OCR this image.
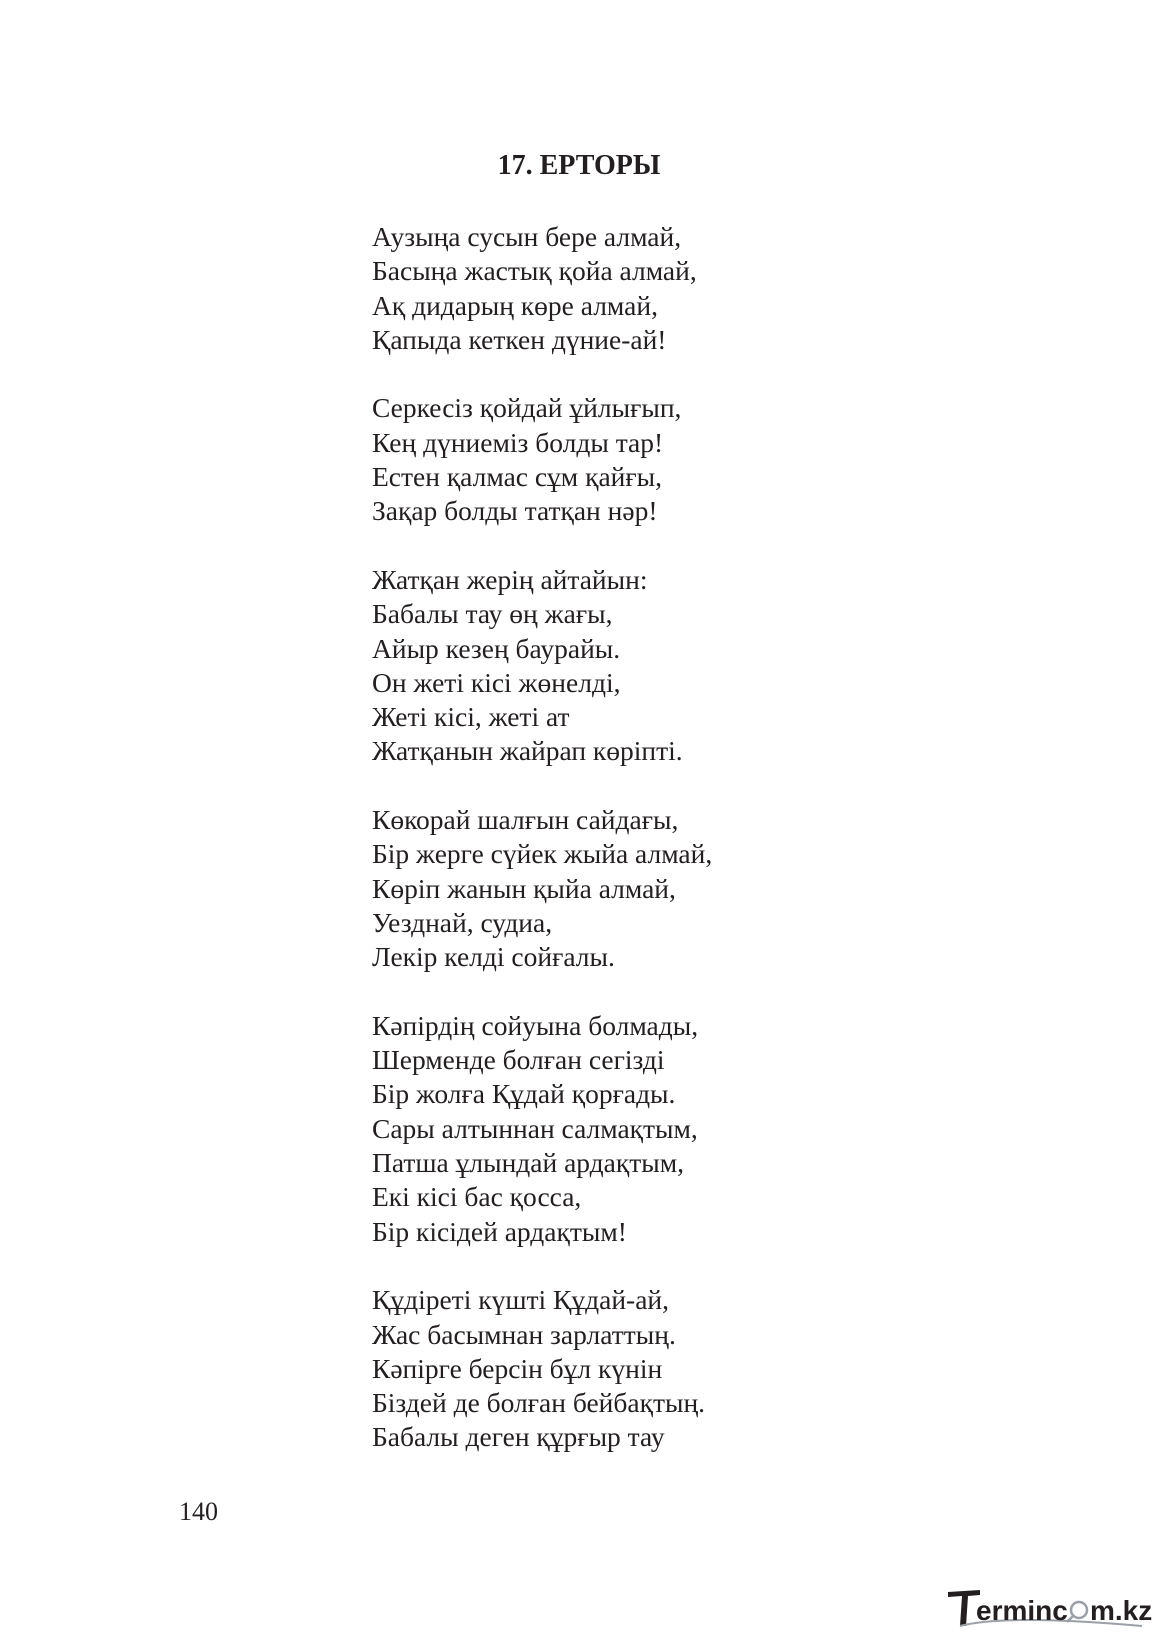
17. ЕРТОРЫ

Аузыңа сусын бере алмай,
Басыңа жастық қойа алмай,
Ақ дидарың көре алмай,
Қапыда кеткен дүние-ай!

Серкесіз қойдай ұйлығып,
Кең дүниеміз болды тар!
Естен қалмас сұм қайғы,
Зақар болды татқан нәр!

Жатқан жерің айтайын:
Бабалы тау өң жағы,
Айыр кезең баурайы.
Он жеті кісі жөнелді,
Жеті кісі, жеті ат
Жатқанын жайрап көріпті.

Көкорай шалғын сайдағы,
Бір жерге сүйек жыйа алмай,
Көріп жанын қыйа алмай,
Уезднай, судиа,
Лекір келді сойғалы.

Кәпірдің сойуына болмады,
Шерменде болған сегізді
Бір жолға Құдай қорғады.
Сары алтыннан салмақтым,
Патша ұлындай ардақтым,
Екі кісі бас қосса,
Бір кісідей ардақтым!

Құдіреті күшті Құдай-ай,
Жас басымнан зарлаттың.
Кәпірге берсін бұл күнін
Біздей де болған бейбақтың.
Бабалы деген құрғыр тау

140
erminc m.kz
